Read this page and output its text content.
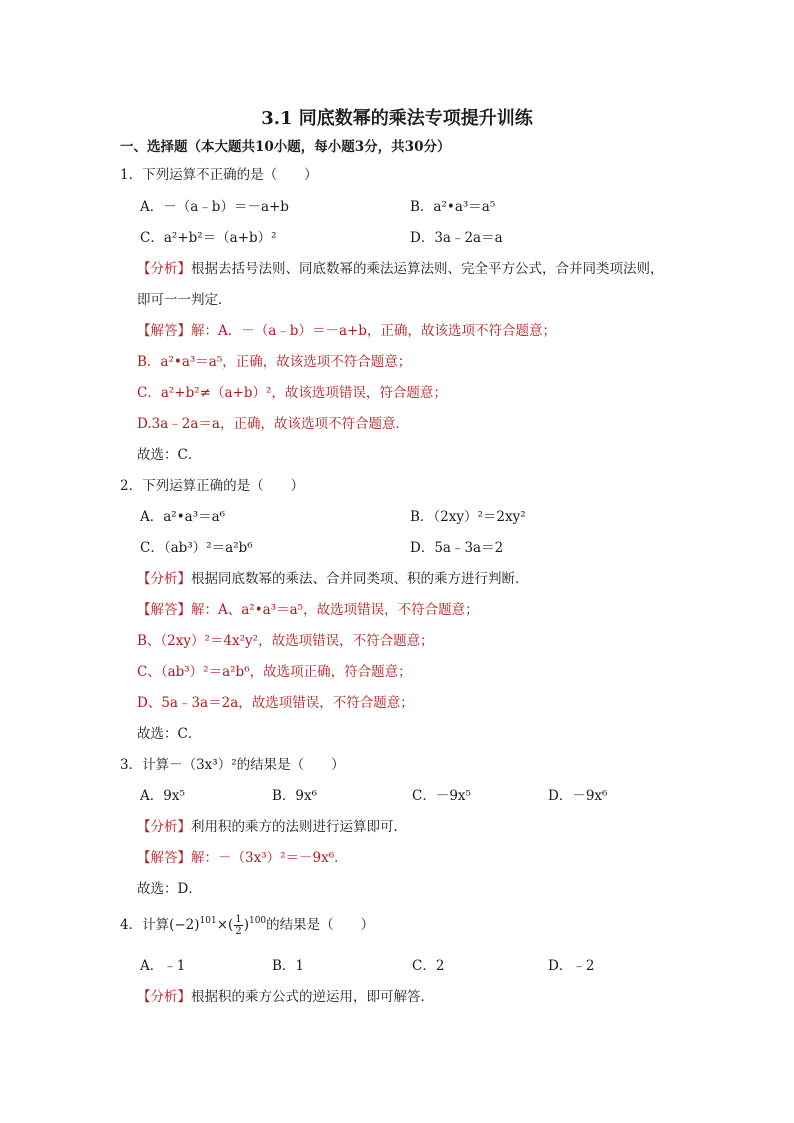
3.1 同底数幂的乘法专项提升训练
一、选择题（本大题共10小题，每小题3分，共30分）
1．下列运算不正确的是（　　）
A．－（a﹣b）＝－a+b	B．a²•a³＝a⁵
C．a²+b²＝（a+b）²	D．3a﹣2a＝a
【分析】根据去括号法则、同底数幂的乘法运算法则、完全平方公式，合并同类项法则，
即可一一判定．
【解答】解：A．－（a﹣b）＝－a+b，正确，故该选项不符合题意；
B．a²•a³＝a⁵，正确，故该选项不符合题意；
C．a²+b²≠（a+b）²，故该选项错误，符合题意；
D.3a﹣2a＝a，正确，故该选项不符合题意．
故选：C．
2．下列运算正确的是（　　）
A．a²•a³＝a⁶	B．（2xy）²＝2xy²
C．（ab³）²＝a²b⁶	D．5a﹣3a＝2
【分析】根据同底数幂的乘法、合并同类项、积的乘方进行判断．
【解答】解：A、a²•a³＝a⁵，故选项错误，不符合题意；
B、（2xy）²＝4x²y²，故选项错误，不符合题意；
C、（ab³）²＝a²b⁶，故选项正确，符合题意；
D、5a﹣3a＝2a，故选项错误，不符合题意；
故选：C．
3．计算－（3x³）²的结果是（　　）
A．9x⁵	B．9x⁶	C．－9x⁵	D．－9x⁶
【分析】利用积的乘方的法则进行运算即可．
【解答】解：－（3x³）²＝－9x⁶．
故选：D．
4．计算$(-2)^{101}\times( \frac{1}{2} )^{100}$的结果是（　　）
A．﹣1	B．1	C．2	D．﹣2
【分析】根据积的乘方公式的逆运用，即可解答．
